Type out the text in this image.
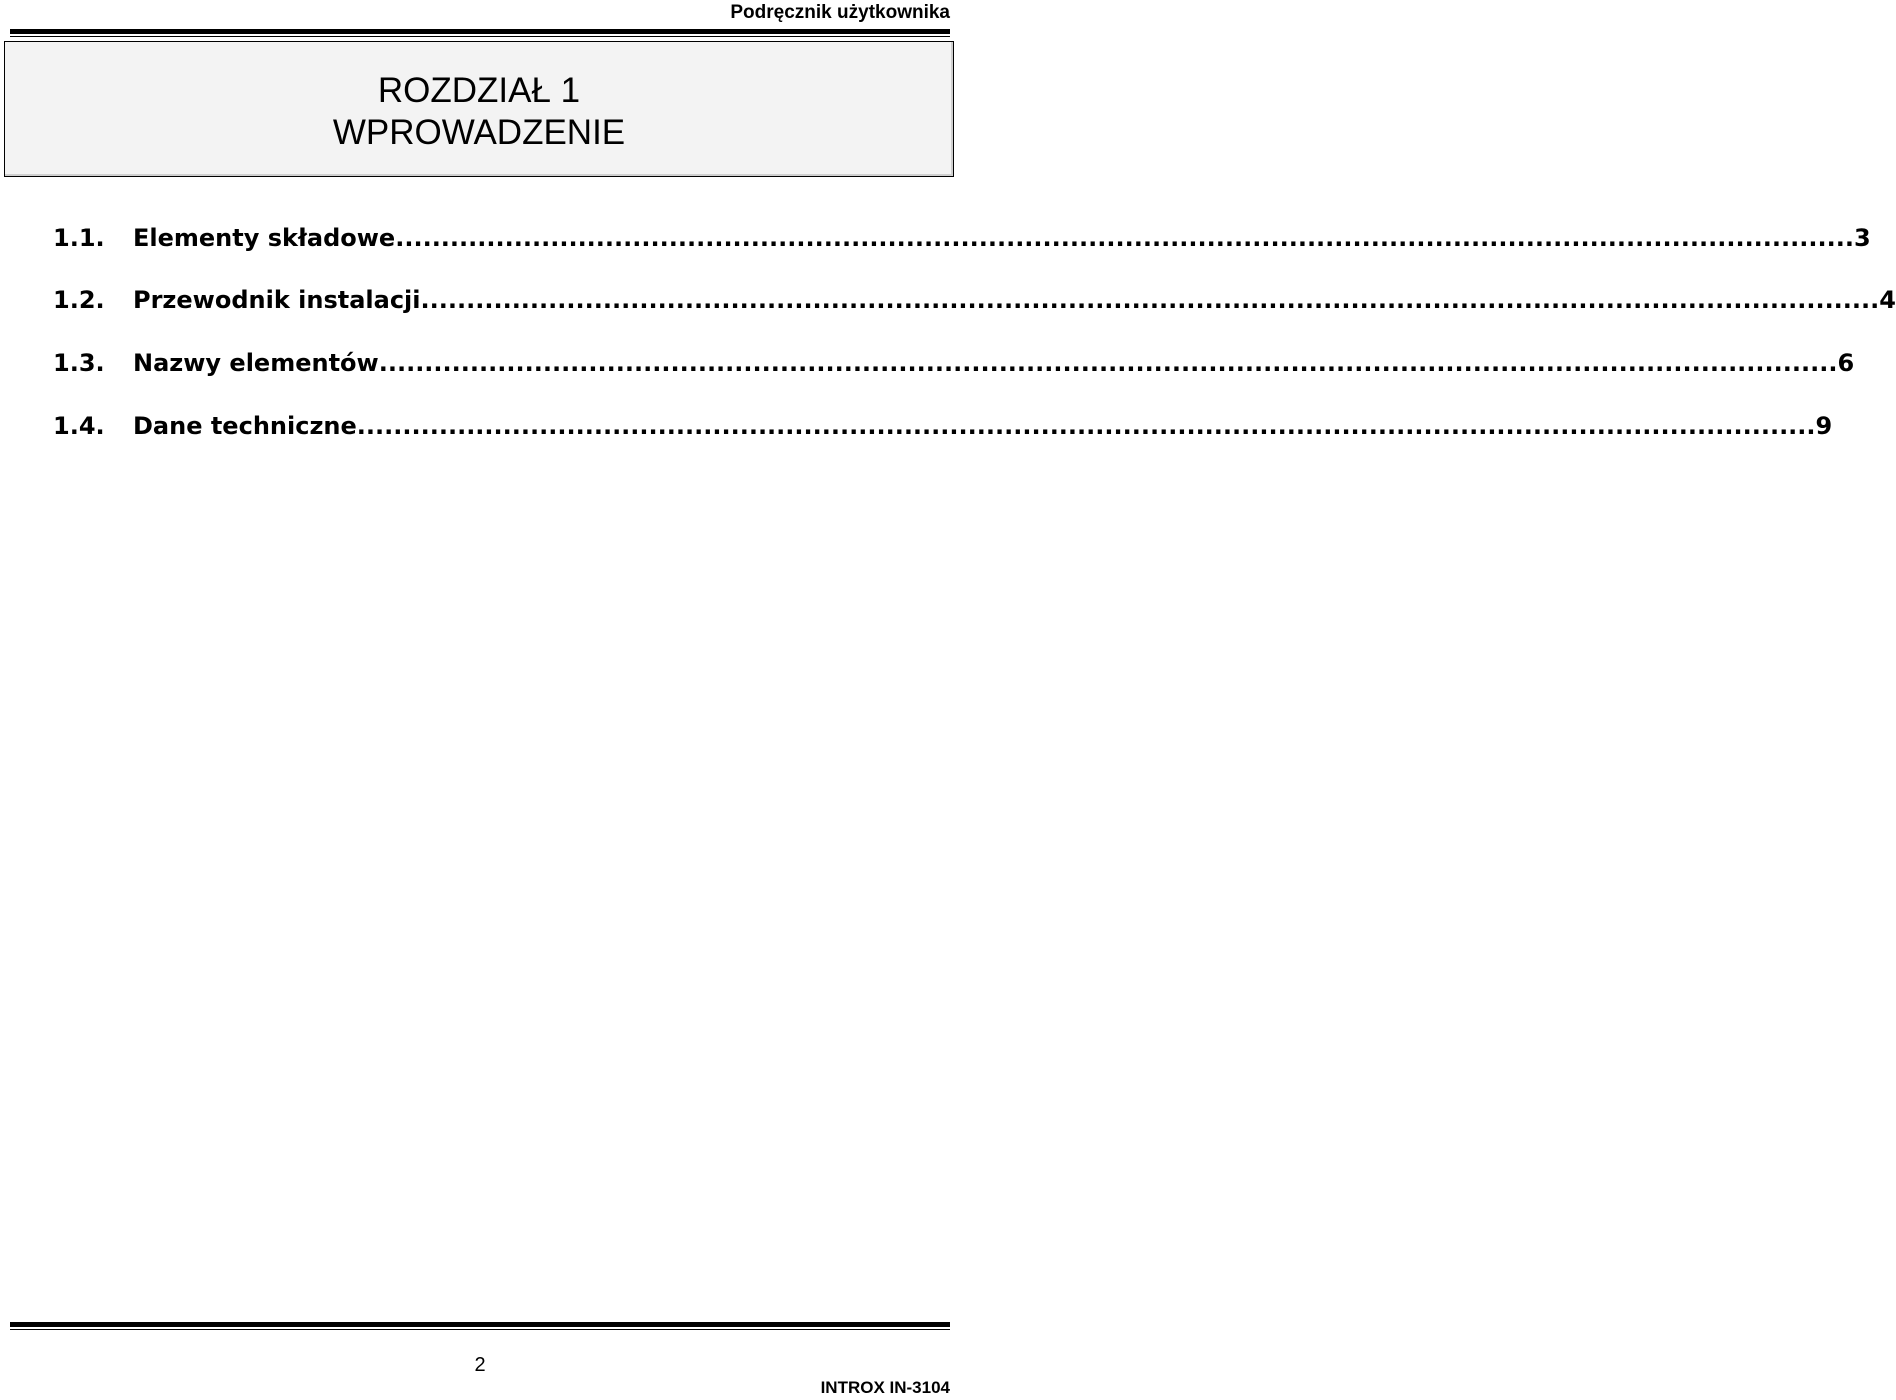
Podręcznik użytkownika
ROZDZIAŁ 1
WPROWADZENIE
1.1.	Elementy składowe ................................................................................................................................................................ 3
1.2.	Przewodnik instalacji ................................................................................................................................................................ 4
1.3.	Nazwy elementów ................................................................................................................................................................ 6
1.4.	Dane techniczne ................................................................................................................................................................ 9
2
INTROX IN-3104
